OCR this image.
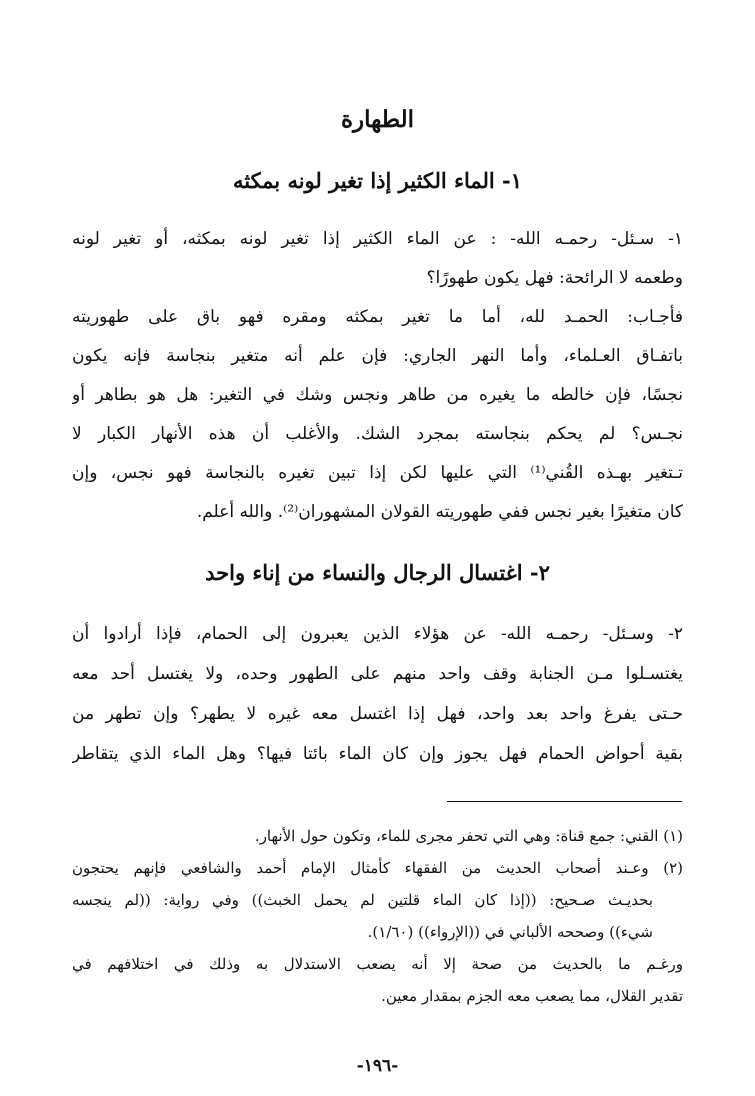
الطهارة
١- الماء الكثير إذا تغير لونه بمكثه
١- سـئل- رحمـه الله- : عن الماء الكثير إذا تغير لونه بمكثه، أو تغير لونه
وطعمه لا الرائحة: فهل يكون طهورًا؟
فأجـاب: الحمـد لله، أما ما تغير بمكثه ومقره فهو باق على طهوريته
باتفـاق العـلماء، وأما النهر الجاري: فإن علم أنه متغير بنجاسة فإنه يكون
نجسًا، فإن خالطه ما يغيره من طاهر ونجس وشك في التغير: هل هو بطاهر أو
نجـس؟ لم يحكم بنجاسته بمجرد الشك. والأغلب أن هذه الأنهار الكبار لا
تـتغير بهـذه القُني⁽¹⁾ التي عليها لكن إذا تبين تغيره بالنجاسة فهو نجس، وإن
كان متغيرًا بغير نجس ففي طهوريته القولان المشهوران⁽²⁾. والله أعلم.
٢- اغتسال الرجال والنساء من إناء واحد
٢- وسـئل- رحمـه الله- عن هؤلاء الذين يعبرون إلى الحمام، فإذا أرادوا أن
يغتسـلوا مـن الجنابة وقف واحد منهم على الطهور وحده، ولا يغتسل أحد معه
حـتى يفرغ واحد بعد واحد، فهل إذا اغتسل معه غيره لا يطهر؟ وإن تطهر من
بقية أحواض الحمام فهل يجوز وإن كان الماء بائتا فيها؟ وهل الماء الذي يتقاطر
(١) القني: جمع قناة: وهي التي تحفر مجرى للماء، وتكون حول الأنهار.
(٢) وعـند أصحاب الحديث من الفقهاء كأمثال الإمام أحمد والشافعي فإنهم يحتجون
بحديـث صـحيح: ((إذا كان الماء قلتين لم يحمل الخبث)) وفي رواية: ((لم ينجسه
شيء)) وصححه الألباني في ((الإرواء)) (١/٦٠).
ورغـم ما بالحديث من صحة إلا أنه يصعب الاستدلال به وذلك في اختلافهم في
تقدير القلال، مما يصعب معه الجزم بمقدار معين.
-١٩٦-
